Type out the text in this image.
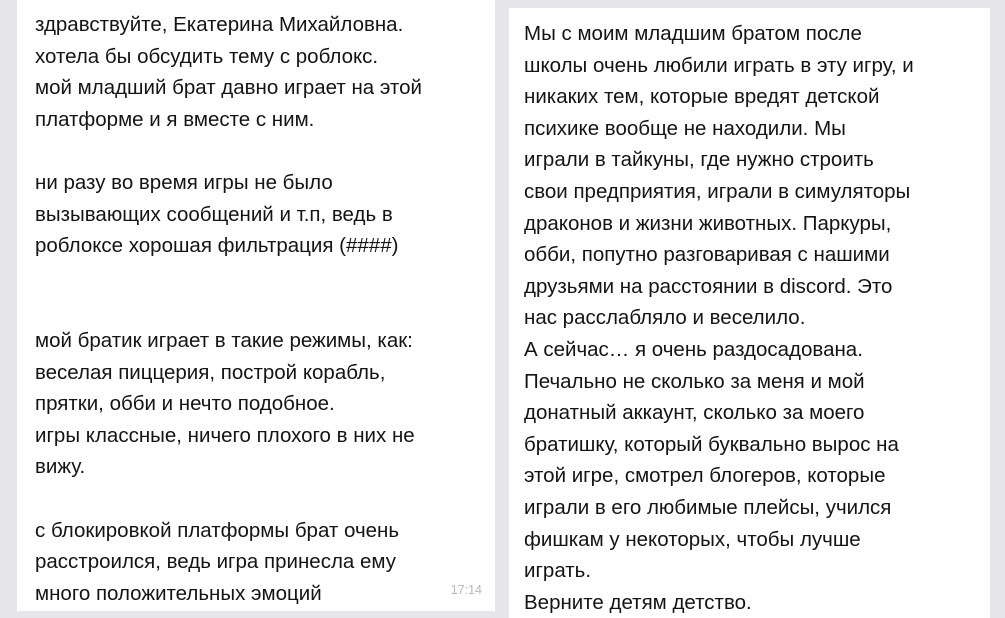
здравствуйте, Екатерина Михайловна.
хотела бы обсудить тему с роблокс.
мой младший брат давно играет на этой
платформе и я вместе с ним.
ни разу во время игры не было
вызывающих сообщений и т.п, ведь в
роблоксе хорошая фильтрация (####)
мой братик играет в такие режимы, как:
веселая пиццерия, построй корабль,
прятки, обби и нечто подобное.
игры классные, ничего плохого в них не
вижу.
с блокировкой платформы брат очень
расстроился, ведь игра принесла ему
много положительных эмоций	17:14
Мы с моим младшим братом после
школы очень любили играть в эту игру, и
никаких тем, которые вредят детской
психике вообще не находили. Мы
играли в тайкуны, где нужно строить
свои предприятия, играли в симуляторы
драконов и жизни животных. Паркуры,
обби, попутно разговаривая с нашими
друзьями на расстоянии в discord. Это
нас расслабляло и веселило.
А сейчас… я очень раздосадована.
Печально не сколько за меня и мой
донатный аккаунт, сколько за моего
братишку, который буквально вырос на
этой игре, смотрел блогеров, которые
играли в его любимые плейсы, учился
фишкам у некоторых, чтобы лучше
играть.
Верните детям детство.
